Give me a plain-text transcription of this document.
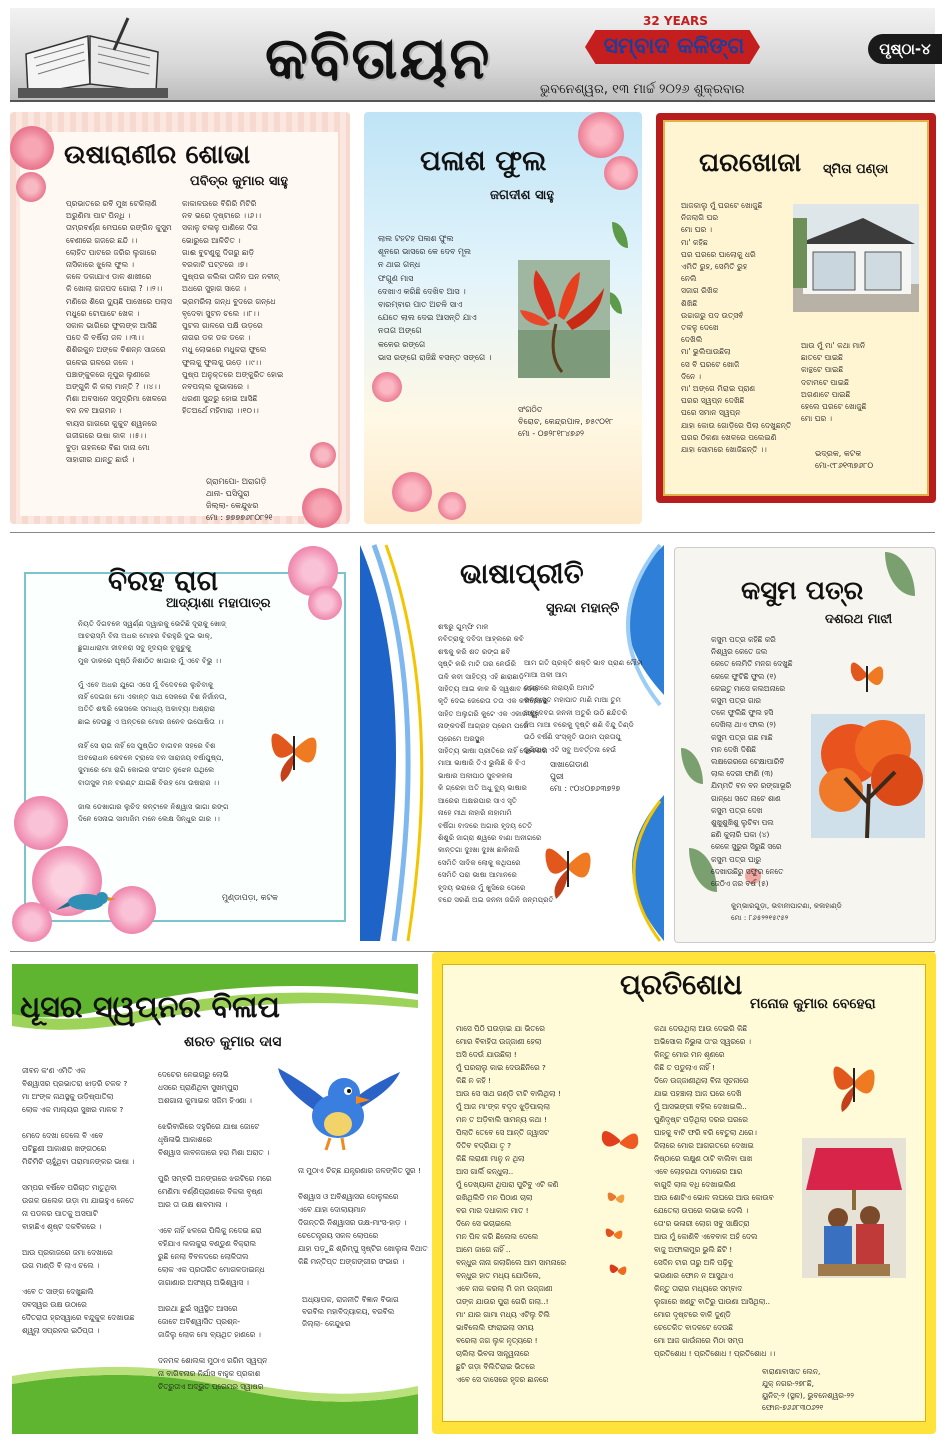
କବିତାୟନ
32 YEARS
ସମ୍ବାଦ କଳିଙ୍ଗ
ଭୁବନେଶ୍ୱର, ୧୩ ମାର୍ଚ୍ଚ ୨୦୨୬ ଶୁକ୍ରବାର
ପୃଷ୍ଠା-୪
ଉଷାରାଣୀର ଶୋଭା
ପବିତ୍ର କୁମାର ସାହୁ
ପ୍ରଭାତରେ ରବି ମୁଖ ଟେକିଲାଣି
ଅରୁଣିମା ପାଟ ପିନ୍ଧି ।
ତାମ୍ରବର୍ଣ୍ଣ ମେଘରେ ରଙ୍ଗିନ କୁସୁମ
ବେଣୀରେ ଗଜରେ ଛନ୍ଦି ।।
ଲୋହିତ ପାଟରେ ଜରିର ଲୁଗାରେ
ନାସିକାରେ ଝୁଲେ ଫୁଲ ।
କଳେ ଡକାଯାଏ ଡାଳ ଶାଖୀରେ
କି ଖୋଲା ଗଜପଦ ଗୋରା ? ।।୨।।
ମଣିରେ ଶିରେ ଦ୍ୟୁଛି ପାଖେରେ ପଲାସ
ମଧୁରେ ଟୋପାଟେ ଖେଳ ।
ସକାଳ ଭାଗିରେ ଫୁଲଙ୍କ ଆସିଛି
ପଦେ କି ବର୍ଷିଲା ଜଳ ।।୩।।
ଶିଶିରକୁନ ଅଙ୍କେ ବିଶନ୍ନ ସାଜରେ
ଗଳେଇ ଗଳରେ ଜଳେ ।
ପଞ୍ଚାଙ୍କୁଳରେ ନୂପୁର ଲୁଣୀରେ
ଅଙ୍ଗୁଳି କି କଲା ମାନ୍ତି ? ।।୪।।
ମିଶା ଅବସାନେ ସମୁଦ୍ରିମା ଖେଳରେ
ବନ ନବ ଆଗମନ ।
ବାୟସ ଗାଗରେ କୁକୁଟ ଶ୍ୱନରେ
ଗଜୀଗରେ ଉଷା କାଳ ।।୫।।
ବୁଡ଼ା ଗହଳରେ ବିଛା ଦାନା ମୋ
ସାହାଗୀର ଯାନ୍ତୁ ଛାଉଁ ।
କାକାଳଉରେ ବିଗିରି ମିଟିରି
ନବ ଭରେ ଦୃଷ୍ଟାରେ ।।୬।।
ସକାଳୁ ଚଳାଳୁ ପାଣିକେ ଦିଗ
ଭୋରୁରେ ଆଳିଚିତ ।
ଗାଈ ବୁଟଣୁକୁ ଦିଗରୁ ଛାଡ଼ି
ବରକାଟି ଘଟ୍ଟରେ ।୭।
ପୁଷ୍ପର କଲିକା ତାଳିନ ଘନ ନବୀନ୍
ଅଧରେ ସୁହାଗ ସାଜେ ।
ଭ୍ରମରିଲା ଗନ୍ଧ ବୁଦରେ ଗନ୍ଧେ
ବୃଦେବା ସୁଟନ ଚଲେ ।।୮।।
ପୁଟଲ ଗାଳରେ ପକ୍ଷି ଉଡ଼ରେ
ନାଗର ଡକ ଡକ ଡକେ ।
ମଧୁ ଲୋଭରେ ମଧୁକରା ଫୁଲେ
ଫୁଲକୁ ଫୁଲକୁ ଉଡ଼େ ।।୯।।
ପୁଷ୍ପ ଅନୁକ୍ତରେ ଅଙ୍କୁରିତ ହୋଇ
ନବପଲ୍ଲ କୁଭାଳାରେ ।
ଧରଣୀ ସୁନ୍ଦରୁ ହୋଇ ଆସିଛି
ହିତଅର୍ଥେ ମହିମାରା ।।୧୦।।
ଗ୍ରାମପୋ- ଅରାଗଡ଼ି
ଥାନା- ଘସିପୁରା
ଜିଲ୍ଲା- କେନ୍ଦୁଝର
ମୋ : ୭୭୭୭୬୮୦୮୨୧
ପଳାଶ ଫୁଲ
ଜଗଦୀଶ ସାହୁ
ଲାଲ ଟହଟହ ପଳାଶ ଫୁଲ
ଶୂନରେ ଭାସରେ କେ ଦେବ ମୂଲ
ନ ଥାଇ ଗନ୍ଧ
ଫଗୁଣ ମାସ
ଦେଖାଏ କରିଛି ଦେଖିବ ଆସ ।
ବାରମ୍ବାର ପାତ ଅଚଳି ସାଏ
ଯେତେ ଲାଲ ଦେଇ ଆସନ୍ତି ଯାଏ
ନତାଗ ଅଙ୍ଗେ
କଳେର ରଙ୍ଗେ
ଭାସ ରଙ୍ଗେ ରାଜିଛି ବସନ୍ତ ସଙ୍ଗେ ।
ସଂଗଠିତ
ବିରୋଚ, କେନ୍ଦ୍ରପାଳ, ୭୫୯୦୧୮
ମୋ - ୦୭୨୮୧୮୪୭୬୨
ଘରଖୋଜା ସ୍ମିତା ପଣ୍ଡା
ଆଜକାଲୁ ମୁଁ ଘରଟେ ଖୋଜୁଛି
ନିଜଲାଗି ଘର
ମୋ ଘର ।
ମା' କହିଛ
ଘର ଘରରେ ଘାଲୋକୁ ଧରି
ଏମିତି ରୁହ, ସେମିତି ରୁହ
ନେଲି
ସଜାଗ ରିଖିକ
ଶିଖିଛି
ଉଚ୍ଚାଗରୁ ପଦ ଉତ୍ସଵଁ
ତକଳୁ ଦେଖେ
ଦେଖିଲି
ମା' ଭୁଲିପାଉଛିଲା
ସେ ବି ଘରଟେ ଖୋଜି
ଦିନେ ।
ମା' ଅଙ୍ଗେ ମିରାଇ ପ୍ରାଣ
ଘରର ସ୍ୱପ୍ନ ଦେଖିଛି
ଘରେ ସମାନ ସ୍ୱପ୍ନ
ଯାହା କୋଉ ଗୋଡ଼ିରେ ପିଲା ଦେଖୁଛନ୍ତି
ଘରର ଠିକଣା ଖେଳରେ ପଲେଇଣି
ଯାହା ସୋମରେ ଖୋଜିଛନ୍ତି ।।
ଆଉ ମୁଁ ମା' କଥା ମାନି
ଛାତଟେ ପାଇଛି
କାନ୍ଥଟେ ପାଇଛି
ଦଟାମଟେ ପାଇଛି
ଅଗଣାଟେ ପାଇଛି
ହେଲେ ଘରଟେ ଖୋଜୁଛି
ମୋ ଘର ।
ଭଦ୍ରକ, କଟକ
ମୋ-୯୮୬୧୩୭୬୮୦
ବିରହ ରାଗ
ଆଦ୍ୟାଶା ମହାପାତ୍ର
ନିୟତି ଦିଗବଳେ ସ୍ୱର୍ଣ୍ଣ ଦ୍ୱାରକୁ ଭେଟିଛି ଦୂରାକୁ ଖୋଜ୍
ଆଚରାସ୍ମି ବିନା ଅଧର ମୋହର ବିରହୁରି ଦୁଇ ଭାକ୍,
ଛୁଗାଧାରାମା ଜୀବନରା ସବୁ ହୃଦୟର ଚୂକୁଚୁକୁ
ମୁକ ଡାକରେ ପୃଷ୍ଠି ନିଶାଠିତ ଖାଗାର ମୁଁ ଏବେ ବିଭୁ ।।

ମୁଁ ଏବେ ଅଧର ଯୁଗେ ଏସେ ମୁଁ ବିଦେବରେ ଲୁଚିବାକୁ
ନାହିଁ ଦେଇଜା ମୋ ଏକାନ୍ତ ସାଥ ସେକରେ ବିଶ ନିର୍ଜାନତା,
ଅତିତି ଶବ୍ଦରି ଭେସଲେ ସମାଧ୍ୟ ଅକାବ୍ୟା ଅଶ୍ରାରା
ଛାଇ ଦେଉଛୁ ଏ ଅନ୍ତରେ ମୋର ଜନେବ ଉପୋଷିତା ।।

ନାହିଁ ସେ ରାଗ ନାହିଁ ସେ ପୁଷ୍ପିତ ବାଗବନ ସହରେ ବିଶ
ଅବରୋଧନ କେବଳେ ଟ୍ରାସେ ବନ ସାରାଜୟ ବର୍ଷାପୁଷ୍ପ,
ଜୁମାରେ ମୋ ରାଗି କୋଇର ସଂଗୀତ ନୁଝେନ ପଥିଲେ
ବାତାସୁଳ ମନ ବରଣ୍ଟ ଯାଇଛି ବିରହ ମୋ ଉଷରାର ।।

ଜାଲ ଡେଖାଗାର ଲୁଚିଦ କନ୍ଟାଳେ ନିଶ୍ୱାସ ଭାଗା ରଙ୍ଗ
ଦିନେ ସେନାଇ ସାମାଜିମ ମନେ ଲେକ୍ଷ ସିନ୍ଧୁର ଗାର ।।
ମୁଣ୍ଡାପଡ଼ା, କଟକ
ଭାଷାପ୍ରୀତି
ସୁନନ୍ଦା ମହାନ୍ତି
ଶବ୍ଦରୁ ଗୁମ୍ଫି ମାଳ
ନବିତ୍ରାକୁ ଦବିଦା ଆହ୍ଲରେ କବି
ଶବ୍ଦକୁ କରି ଶତ ରଙ୍ଗ ଛବି
ସୃଷ୍ଟି କରି ମାଟି ତାର ନେଉଁରି
ତାଳି କବୀ ସାହିତ୍ୟ ଏହି ଛାରାଛାଡ଼ି
ସାହିତ୍ୟ ଆଇ କାଳ କି ସ୍ୱଶାବ ଦେଲା
କୃତି ଦେଇ ଜେରେତା ତତା ଏକ କରରେରେ
ସାହିତ ଅଲୁଗରି କୁଟେ ଏକ ଏକାରସ୍ୱା
ନାଙ୍କଦର୍ଶି ଆଗ୍ରହ ପ୍ରେମ ପରେ
ପ୍ରେମେ ଅରସ୍ଥୁଳ
ସାହିତ୍ୟ ଭାଷା ପ୍ରୀତିରେ ନାହିଁ ଦେବେରଗ
ମାଆ ଭାଷାରି ତିଏ ଭୁଲିଛି କି ବିଏ
ଭାଷାର ଅଳୀପାଠ ସୁବଳଳଳା
କି ଗ୍ରେହା ଅତି ଅଧୁ ବ୍ୟୁ ଭାଷାର
ଆରେର ଅକ୍ଷରପାର ସାଏ ସୃତି
ନାହେ ମୀଥ ନାହାରି ନାହାମାମି
ବର୍ଷିଗା ବାଦରେ ଅଗାର ହୃଦୟ ତେତି
ଶିଶୁରି ଜାଗ୍ରା ଶ୍ୱରେ ବାଣା ଅନୀଗରେ
କାନ୍ତଗା ଦୁଃଖା ଦୁଃଖ ଛାକିନାରି
ସେମିତି ସାଦିକ ଲୋକୁ କଥିପରେ
ସେମିତି ପରା ଭାଷା ଆମାନରେ
ହୃଦୟ ଭରାରେ ମୁଁ ଖୁସିରେ ତୋରେ
ବନ୍ଦେ ସରଣି ଅଇ ଜନନୀ ଜଗିନି ଜନ୍ମପ୍ରତି
ଆମ ଗତି ପ୍ରକ୍ତି ଶକ୍ତି ଭାବ ପ୍ରାଣ ମୌହା
ମାଆ ଅଳୀ ଆମ
ଜଗତାରେ ନାରାୟରି ଅମାଟି
କନ୍ୟାସୁତ ମହାପାତ ମାଣି ମାଆ ତୁମ
ଅଶୁଦେବଗ ଜନନୀ ଅତୁରି ଉଠି ଛନ୍ଦିତରି
ଦିଅ ମାଆ ବରେକୁ ଦୃଷ୍ଟି ଶଣି ବିନ୍ଦୁ ତିଣ୍ଡି
ଉଠି ବର୍ଷଣି ସଂସ୍କୃତି ଉଠାମ ପ୍ରତାପୁ
ଜୁଣିଗାର ଏଟି ସବୁ ଅବର୍ତ୍ତନା ହେଉଁ
ସାଖାଗେଡାଣ
ପୁରୀ
ମୋ : ୯୦୪୦୭୬୩୭୨୭
କସୁମ ପତ୍ର
ଦଶରଥ ମାଝୀ
କସୁମ ପତ୍ର କହିଛି କରି
ନିଶ୍ୱର କେତେ ଜଲ
କେତେ ଲେମିତି ମନଗ ଦେଖୁଛି
କେଳେ ଫୁଟିଛି ଫୁଲ (୧)
କେଇତୁ ମାସେ କଲଅନାରେ
କସୁମ ପତ୍ର ଗାର
ତଳେ ଫୁଲିଛି ଫୁଲ ହସି
ଦେଖିଲା ଥାଏ ଫାଲ (୨)
କସୁମ ପତ୍ର ଗଛ ମାଛି
ମନ ଦେଖି ଦିଶିଛି
ଲକ୍ଷରେରରେ ଟେକ୍ଷାପାରିବି
ଲାଲ ଦେରୀ ଫାଣି (୩)
ଯିମ୍ମତି ବନ ବନ ରଙ୍ଗାଭୂରି
ଗାନ୍ଧେ ସତେ ନାଚେ ଶାଣ
କସୁମ ପତ୍ର ଦେଖ
ଶୁଖୁଶୁଖିଶୁ ଲୁଚିବା ପଲ
ଛଣି କୁଲାରି ଘକା (୪)
କେଳେ ସୁରୁର ସିରୁଛି ସରେ
କସୁମ ପତ୍ର ଘାରୁ
ଦେଖାଉଛିରୁ ସଫୁର ନେତେ
ଜେଠିଏ ଜର ବର୍ଷ (୫)
କୁମ୍ଭାରଗୁଡ଼ା, ଭବାନୀପାଟଣା, କଳାହାଣ୍ଡି
ମୋ : ୮୬୫୨୨୧୫୯୫୨
ଧୂସର ସ୍ୱପ୍ନର ବିଳାପ
ଶରତ କୁମାର ଦାସ
ଜୀବନ କ'ଣ ଏମିତି ଏକ
ବିଶ୍ୱାସର ପ୍ରଭାତରା ଝାଡ଼ରି ଚକକ ?
ମା ଅଂଙ୍କ ନାଥସ୍ଥକୁ ଉଡ଼ିଷ୍ପାତିଲା
ଲୋକ ଏକ ମାଲ୍ୟର ସୁଖର ମାଳକ ?

ମେଦେ ଦେଖା ଦେଲେ ବି ଏବେ
ପଟିଛୁଣୀ ଆକାଶର ଖଙ୍ଗଠରେ
ମିଚିମିଚି ଚାହୁଁଥିବା ତାରାମାନଙ୍କର ଭାଷା ।

ସମ୍ପର ବର୍ଷିବେ ପରିଚାତ ମାତୁଥିବା
ଉଗଳ ଉଲେକ ଉଡ଼ା ମା ଯାଇହୁଏ ନେତେ
ନା ପଡଳର ପାତକୁ ଅସପାଟି
ବାହାଛିଏ ଶୃଷ୍ଟ ଦକବିକରେ ।

ଆଉ ପ୍ରକାଜରେ ଜମା ଦେଖାରେ
ଉଗ ମାଣ୍ଡି ବି ଲାଏ ଚଲେ ।

ଏବେ ତ ସାଙ୍ଗ ଦେଖୁଛାଲି
ସବସ୍ୱର ଉକ୍ଷ ଉଠାରେ
ଦୈତରାତା ହ୍ରସ୍ୱାରେ ବନ୍ଦୁକୁଳ ଦେଖାଉଛ
ଶ୍ୱୁଲା ସପ୍ରନର ଇଠିପ୍ତା ।
ଦେଚେର ନେଇଚାରୁ ଲୋଭି
ଧସରେ ପ୍ରାଣିଥିବା ସୁଖମ୍ପୁରା
ଅଶଗାନା କୁମାଇକ ସଜିମ ହିଏଣା ।

ଝେରିବାରିରେ ଦହୁରିରେ ଯାଷା ଜୋଟେ
ଧୃଷିଳାଭି ଆକାଶରେ
ବିଶ୍ୱାସ କାବଳଜାରେ ହରା ମିଶା ଅରାତ ।

ପୁରି ସମ୍ବରି ଅନଙ୍ଗରେ ଝରଟିରେ ମରେ
ମେଣିମା ବର୍ଣ୍ଣିପ୍ରାଣରେ ବିକଳା ବୃଷ୍ଣ
ଆର ତା ଉକ୍ଷ ଶାବମାଳା ।

ଏବେ ନାହିଁ ଝଳରେ ପିଲିକୁ ନଦେଇ ଛରା
ବହିଯାଏ ଲଲକୁରା ବଣ୍ଡୁଣ ବିକ୍ରାଲ
ରୁଛି ନେଲା ବିବଳଦରେ ଲୋଳିତାଲ
ଲୋକ ଏକ ପ୍ରତାରିତ ମୋଗଳଡାଇନ୍ଧ
ଜାଗାଣାର ଅସଂଖ୍ୟ ଅଭିଶ୍ୱାସ ।

ଆରଥା ଛୁଇଁ ସ୍ୱସ୍ଥିତ ଆସରେ
ଜୋଟେ ଅବିଶ୍ୱାସିତ ପ୍ରଶ୍ନ-
ଜାଜିଲୁ ଲୋକ ମୋ ବ୍ୟଥିତ ହାଣରେ ।

ଦନମଳ ଶୋଲଳା ମୁଠାଏ ରଗିମ ସ୍ୱପ୍ନ
ନା ବାଗିବନାର ନିର୍ଯାସ ବାହୁକ ପ୍ରକାଶ
ଚିତ୍ରୁତାଏ ଅଦ୍ଭୁତ ପ୍ରେମର ସ୍ୱାଷର
ନା ମୁଠାଏ ଚିଚ୍ଛ ଯନ୍ତ୍ରଣାର ଜଳଙ୍କିତ ସୁର !

ବିଶ୍ୱାସ ଓ ଅବିଶ୍ୱାସର ଦୋଳୁଲରେ
ଏବେ ଯାହା ଦୋଲାୟମାନ
ଦିଗନ୍ତରି ନିଶ୍ୱାସର ଉକ୍ଷ-ମାଂସ-ହାଡ଼ ।
ଚେତେନ୍ତ୍ରୟ ସକଳ ଲୋପରେ
ଯାହା ପଡ଼ୁଛି ଶ୍ରିମ୍ପୁ ସୃଷ୍ଟିର ଖୋଲୁଳା ବିଥାତ
କିଛି ମନ୍ତିପ୍ତ ଅଙ୍ଗଙ୍ଗୀର ସଂଭାର ।
ଅଧ୍ୟାପକ, ରାଜନୀତି ବିଜ୍ଞାନ ବିଭାଗ
ବରବିଲ ମହାବିଦ୍ୟାଳୟ, ବରବିଲ
ଜିଲ୍ଲା- କେନ୍ଦୁଝର
ପ୍ରତିଶୋଧ
ମନୋଜ କୁମାର ବେହେରା
ମାସେ ପିଠି ଘଉଡ଼ାଇ ଯା ଭିତରେ
ମୋର ବିବାହିତା ଉଜ୍ଜାଣୀ ହେଲା
ଅସି ଦେଉଁ ଯାଉଛିଲା !
ମୁଁ ଘରଚାଲୁ କାଇ ଦେଉଛିନିରେ ?
କିଛି ନ କହି !
ଆଉ ସେ ସାଥ ଗଣ୍ଡି ଟାଟି ବାଲିଥିଲା !
ମୁଁ ଆଜ ମା'ଙ୍କ ବଦୃଦ ଝୁଡ଼ିପାଲ୍ଲା
ମନ ତ ଅଡ଼ିବାଲି ସାମନ୍ୟ କଥା !
ପିଲାତି ତେବେ ସେ ଆନ୍ତି ଜ୍ୱାସଟ
ଦିତିବ ବଦ୍ରିଯା ତୃ ?
କିଛି ଲରାଣୀ ମାନୁ ନ ଥିଲା
ଆସ ଗାର୍ଲି କନ୍ଧୁଲା..
ମୁଁ ଡେଖ୍ୟାଳୀ ଥିପାରା ପୁଟିବୁ ଏଟି କଣି
ରଖିଥିଲିଡି ମନ ପିଠାଣ ଚାଲା
ବର ମାର ଦଧାକାଳ ମାତ !
ଦିନେ ସେ ଭଚାଇଲେ
ମନ ପିଳ କରି ଛିଲେଲ ଦେଲେ
ଆମେ ଜାଗେ ନାହିଁ ..
ବନ୍ଧୁର ନାନା ଗଲାଗିଲେ ଆମ ସାମନାରେ
ବନ୍ଧୁର ହାତ ମଧ୍ୟ ଯୋଡିଲେ,
ଏବେ ନାଗ କରଲା ମି ଜମ ଉଜ୍ଜାଣୀ
ତାଙ୍କ ଯାଉର ପୁରା ଗେରି ଗଲା..!
ମା' ଯାର ଗାମା ମଧ୍ୟ ଏଟିଲୁ ଟିଲି
ଭାବିଲେଲି ଫାରାଇଲା ସମୟ
ବରେଲା ଜଗ ଲୁଳ ନୃତ୍ୟରେ !
ଚାଲିଲା ଭିବଳା ସାନ୍ତ୍ୱନାରେ
ଛୁଟି ଗଡ଼ା ବିଲିତିରାଇ ଭିତରେ
ଏବେ ସେ ଦାସେରେ ହୃଦର ଛାନରେ
କଥା ଦେଉଥିଲା ଆଉ ଦେଇରି କିଛି
ଅଭିସୋଲ ନିଭୁଳା ତା'ର ସ୍ୱରରେ ।
କିନ୍ତୁ ମୋର ମନ ଶୃଣରେ
କିଛି ତ ପଡୁଲାଏ ନାହିଁ !
ଦିନେ ଉଜ୍ଜାଣୀଥିଲା ବିନା ସୂଚନାରେ
ଯାଇ ପହଞ୍ଚାଲା ଆଜ ଘରେ ଦେଖି
ମୁଁ ଆସଭଙ୍ଗୀ ବହିଲ ଦେଖାଇଲି..
ପୁଣିଦୃଷ୍ଟ ପଡ଼ିଥିଲା ଦରର ଘରରେ
ଘାହକୁ ବାଟି ଫରି ବରି ବେତୁଲା ଥରେ।
ଜିଲାରେ ମୋର ଆଗରତରେ ଦେଖାଇ
ନିଷ୍ଠାରେ ଲକ୍ଷୁଣ ଠାଟି ବାଲିବା ପାଖ
ଏବେ ଲୋହରଥା ଦମାରେର ଆର
ବାଗୁଦି ଲାଲ ବଧି ଦେଖାଇଲିଣ
ଆଉ ଶୋଟିଏ ଭୋଳ ଲଘରେ ଆଉ କୋଉବ
ଯେତେଲା ଉପରେ ଲଭାଇ ଦେଲି ।
ତୋ'ର ଭଳାରୀ ଲୋଗ ସବୁ ସାକ୍ଷିତ୍ରା
ଆଉ ମୁଁ କୋଣିବି ଏବେବାଳ ଅହଁ ଦେଲ
ବାଜୁ ଅଫାଳାମୁର ଭୁଲି ଛିଟି !
ସେଦିନ ଟାର ତାରୁ ଅଳି ପଢ଼ିବୁ
ଭଉଣାର ଫୋନ ନ ଆସୁଥାଏ
କିନ୍ତୁ ତାରାର ମଧ୍ୟରେ ସମ୍ବାଦ
ଲୁଗାରେ ଖଣ୍ଟୁ ବାତିରୁ ଘାଉଣା ଆସିଥିଲା..
ମୋର ଦୃଷ୍ଟରେ ବାଳି ଦୁଣ୍ଡି
ଚେତେକିତ ବାଦଳଟେ ଦେଉଛି
ମୋ ଆଜ ଗାଉଁନାରେ ମିଠା ସମ୍ପ
ପ୍ରତିଶୋଧ ! ପ୍ରତିଶୋଧ ! ପ୍ରତିଶୋଧ ।।
ବାରାଣାବାସାତ ଲେନ,
ଯୁକ୍ ନଗର-୨୭୮ଛି,
ୟୁନିଟ୍-୨ (ସ୍ଥଳ), ଭୁବନେଶ୍ୱର-୨୨
ଫୋନ-୭୬୬୮୩୦୬୨୧
